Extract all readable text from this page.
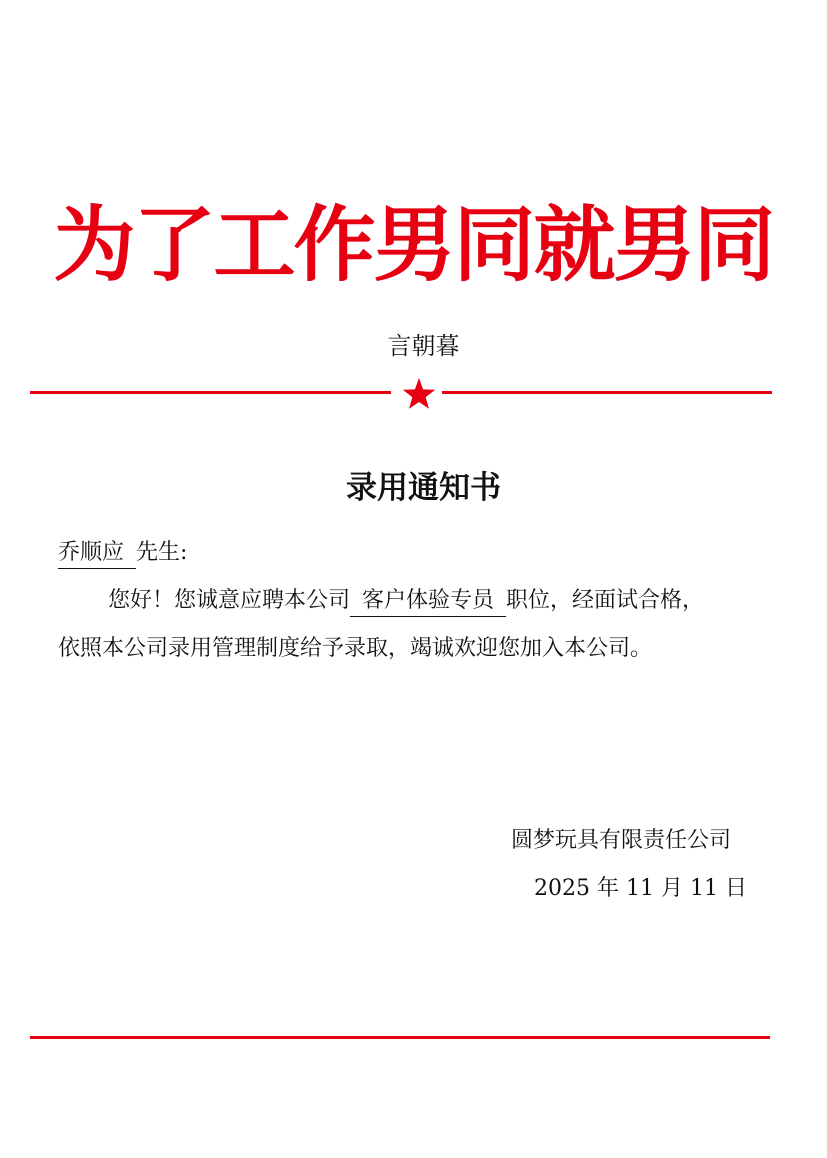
为了工作男同就男同
言朝暮
录用通知书
乔顺应 先生:
您好！您诚意应聘本公司 客户体验专员 职位，经面试合格，
依照本公司录用管理制度给予录取，竭诚欢迎您加入本公司。
圆梦玩具有限责任公司
2025 年 11 月 11 日
